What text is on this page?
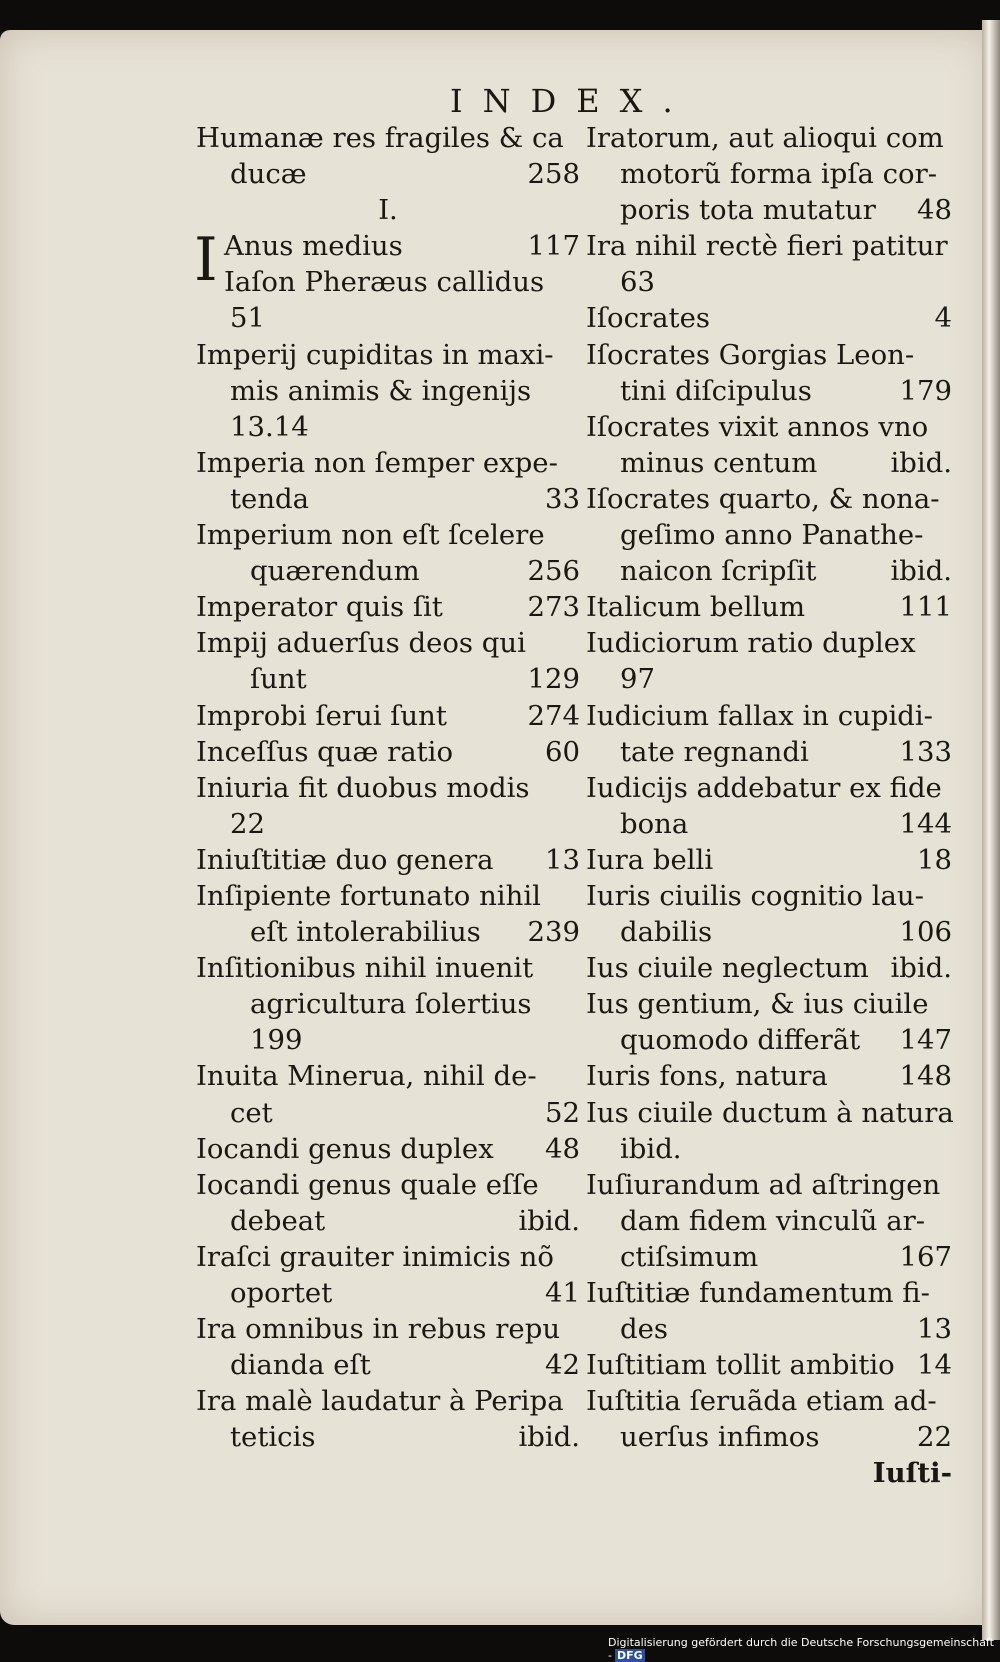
INDEX.
Humanæ res fragiles & ca
ducæ	258
I.
I Anus medius	117
Iaſon Pheræus callidus
51
Imperij cupiditas in maxi-
mis animis & ingenijs
13.14
Imperia non ſemper expe-
tenda	33
Imperium non eſt ſcelere
quærendum	256
Imperator quis ſit	273
Impij aduerſus deos qui
ſunt	129
Improbi ſerui ſunt	274
Inceſſus quæ ratio	60
Iniuria fit duobus modis
22
Iniuſtitiæ duo genera 13
Inſipiente fortunato nihil
eſt intolerabilius 239
Inſitionibus nihil inuenit
agricultura ſolertius
199
Inuita Minerua, nihil de-
cet	52
Iocandi genus duplex 48
Iocandi genus quale eſſe
debeat	ibid.
Iraſci grauiter inimicis nõ
oportet	41
Ira omnibus in rebus repu
dianda eſt	42
Ira malè laudatur à Peripa
teticis	ibid.
Iratorum, aut alioqui com
motorũ forma ipſa cor-
poris tota mutatur 48
Ira nihil rectè fieri patitur
63
Iſocrates	4
Iſocrates Gorgias Leon-
tini diſcipulus	179
Iſocrates vixit annos vno
minus centum	ibid.
Iſocrates quarto, & nona-
geſimo anno Panathe-
naicon ſcripſit	ibid.
Italicum bellum	111
Iudiciorum ratio duplex
97
Iudicium fallax in cupidi-
tate regnandi	133
Iudicijs addebatur ex fide
bona	144
Iura belli	18
Iuris ciuilis cognitio lau-
dabilis	106
Ius ciuile neglectum ibid.
Ius gentium, & ius ciuile
quomodo differãt 147
Iuris fons, natura	148
Ius ciuile ductum à natura
ibid.
Iuſiurandum ad aſtringen
dam fidem vinculũ ar-
ctiſsimum	167
Iuſtitiæ fundamentum fi-
des	13
Iuſtitiam tollit ambitio 14
Iuſtitia ſeruãda etiam ad-
uerſus infimos	22
Iuſti-
Digitalisierung gefördert durch die Deutsche Forschungsgemeinschaft - DFG
